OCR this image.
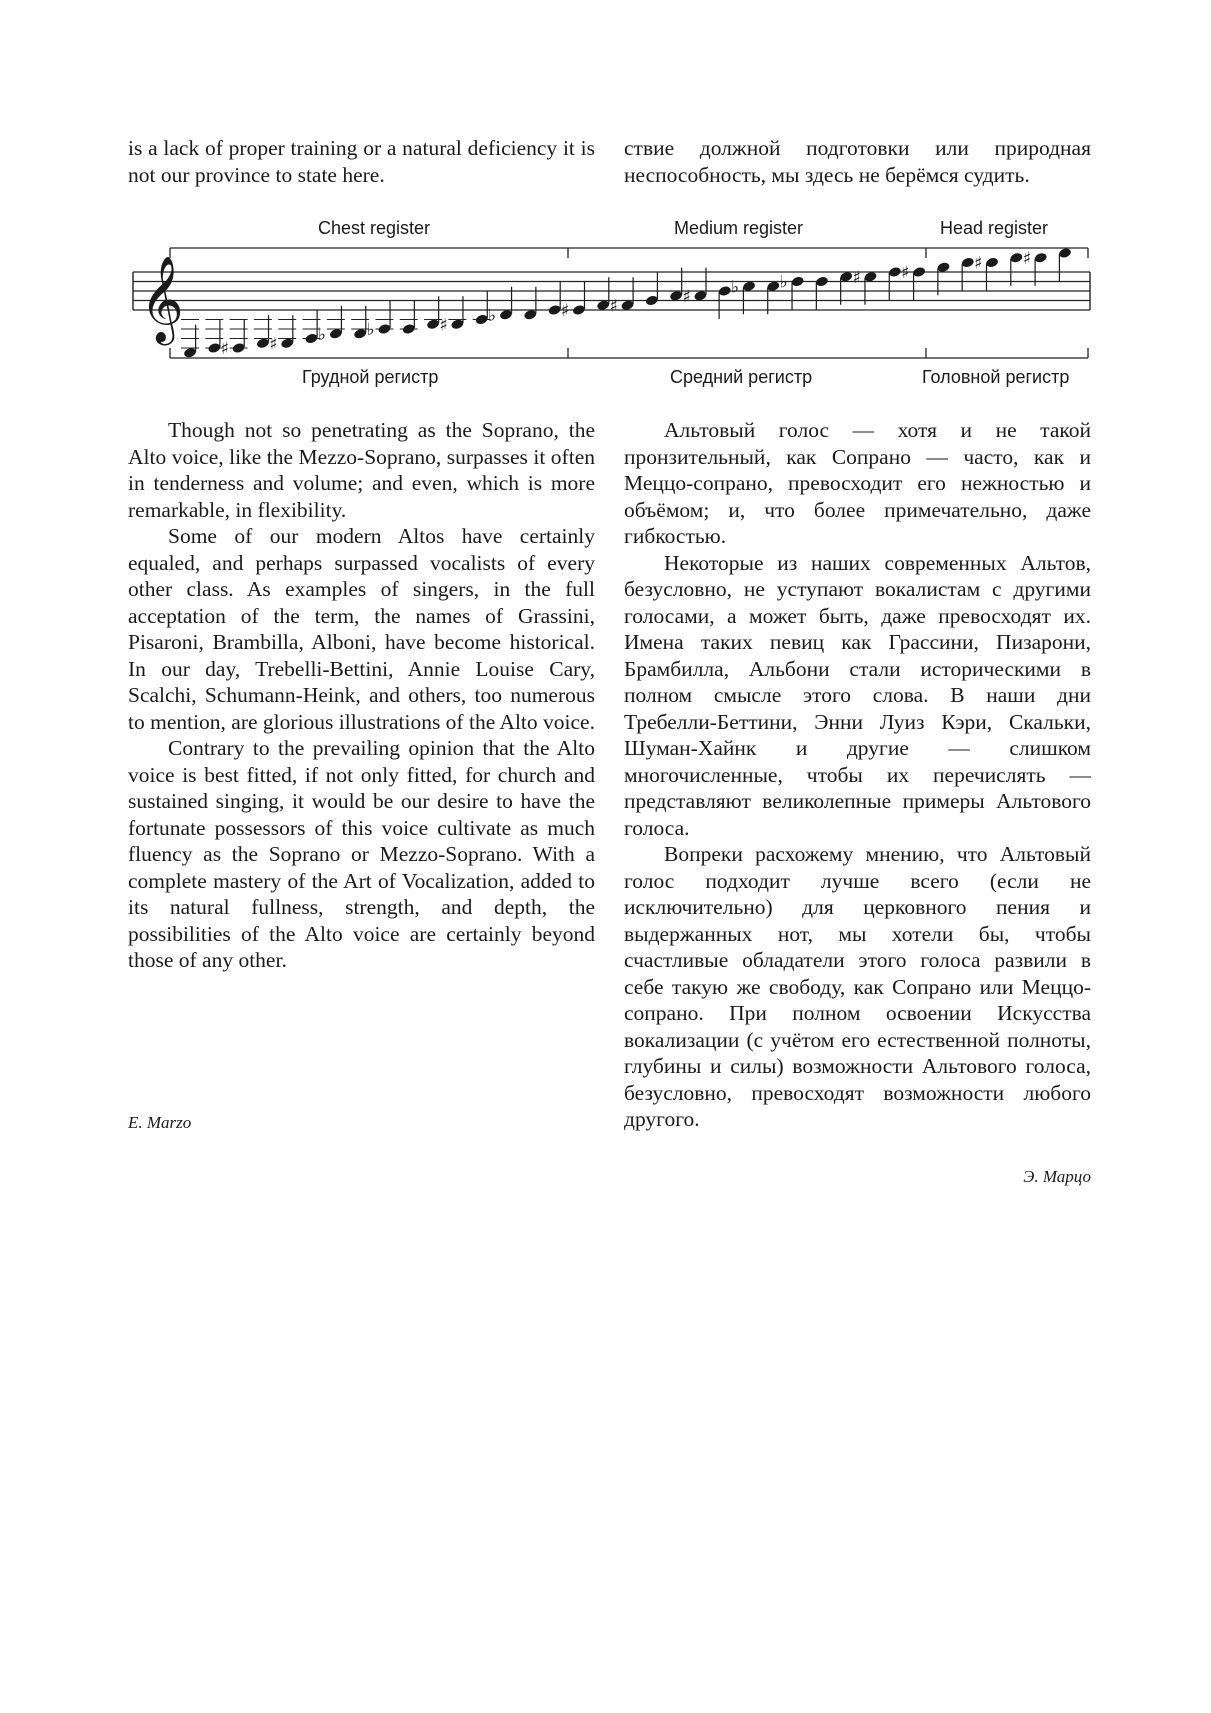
is a lack of proper training or a natural deficiency it is not our province to state here.

ствие должной подготовки или природная неспособность, мы здесь не берёмся судить.

Chest register	Medium register	Head register
𝄞
♯ ♯ ♭ ♭	♯ ♭	♯ ♯	♯ ♭ ♭	♯ ♯	♯ ♯
Грудной регистр	Средний регистр	Головной регистр

Though not so penetrating as the Soprano, the Alto voice, like the Mezzo-Soprano, surpasses it often in tenderness and volume; and even, which is more remarkable, in flexibility.

Some of our modern Altos have certainly equaled, and perhaps surpassed vocalists of every other class. As examples of singers, in the full acceptation of the term, the names of Grassini, Pisaroni, Brambilla, Alboni, have become historical. In our day, Trebelli-Bettini, Annie Louise Cary, Scalchi, Schumann-Heink, and others, too numerous to mention, are glorious illustrations of the Alto voice.

Contrary to the prevailing opinion that the Alto voice is best fitted, if not only fitted, for church and sustained singing, it would be our desire to have the fortunate possessors of this voice cultivate as much fluency as the Soprano or Mezzo-Soprano. With a complete mastery of the Art of Vocalization, added to its natural fullness, strength, and depth, the possibilities of the Alto voice are certainly beyond those of any other.

Альтовый голос — хотя и не такой пронзительный, как Сопрано — часто, как и Меццо-сопрано, превосходит его нежностью и объёмом; и, что более примечательно, даже гибкостью.

Некоторые из наших современных Альтов, безусловно, не уступают вокалистам с другими голосами, а может быть, даже превосходят их. Имена таких певиц как Грассини, Пизарони, Брамбилла, Альбони стали историческими в полном смысле этого слова. В наши дни Требелли-Беттини, Энни Луиз Кэри, Скальки, Шуман-Хайнк и другие — слишком многочисленные, чтобы их перечислять — представляют великолепные примеры Альтового голоса.

Вопреки расхожему мнению, что Альтовый голос подходит лучше всего (если не исключительно) для церковного пения и выдержанных нот, мы хотели бы, чтобы счастливые обладатели этого голоса развили в себе такую же свободу, как Сопрано или Меццо-сопрано. При полном освоении Искусства вокализации (с учётом его естественной полноты, глубины и силы) возможности Альтового голоса, безусловно, превосходят возможности любого другого.

E. Marzo
Э. Марцо
